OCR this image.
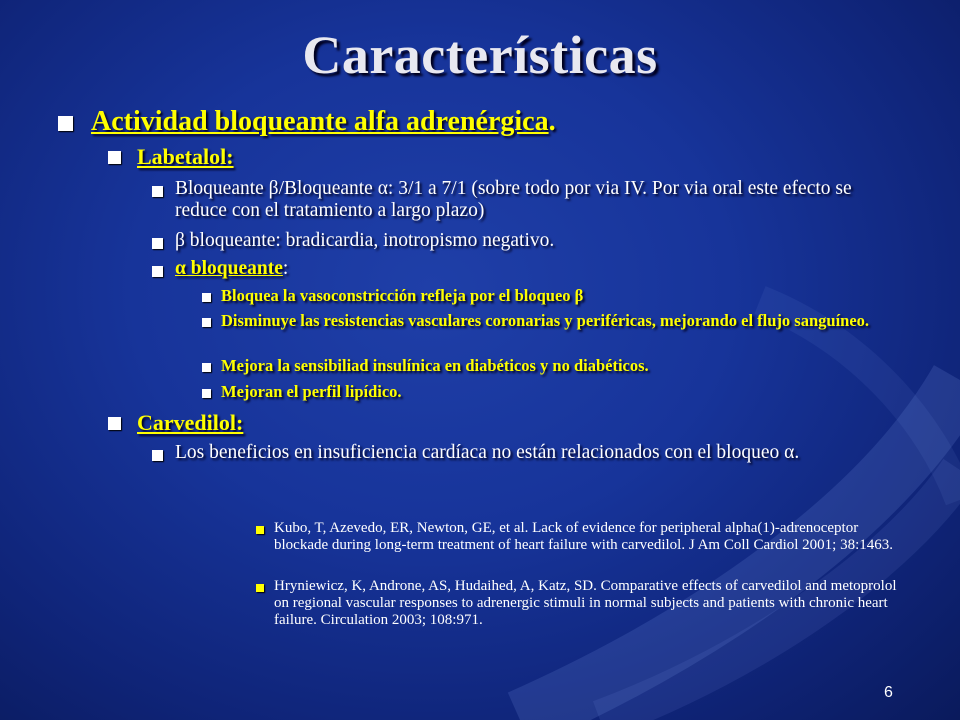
Características
Actividad bloqueante alfa adrenérgica.
Labetalol:
Bloqueante β/Bloqueante α: 3/1 a 7/1 (sobre todo por via IV. Por via oral este efecto se reduce con el tratamiento a largo plazo)
β bloqueante: bradicardia, inotropismo negativo.
α bloqueante:
Bloquea la vasoconstricción refleja por el bloqueo β
Disminuye las resistencias vasculares coronarias y periféricas, mejorando el flujo sanguíneo.
Mejora la sensibiliad insulínica en diabéticos y no diabéticos.
Mejoran el perfil lipídico.
Carvedilol:
Los beneficios en insuficiencia cardíaca no están relacionados con el bloqueo α.
Kubo, T, Azevedo, ER, Newton, GE, et al. Lack of evidence for peripheral alpha(1)-adrenoceptor blockade during long-term treatment of heart failure with carvedilol. J Am Coll Cardiol 2001; 38:1463.
Hryniewicz, K, Androne, AS, Hudaihed, A, Katz, SD. Comparative effects of carvedilol and metoprolol on regional vascular responses to adrenergic stimuli in normal subjects and patients with chronic heart failure. Circulation 2003; 108:971.
6
